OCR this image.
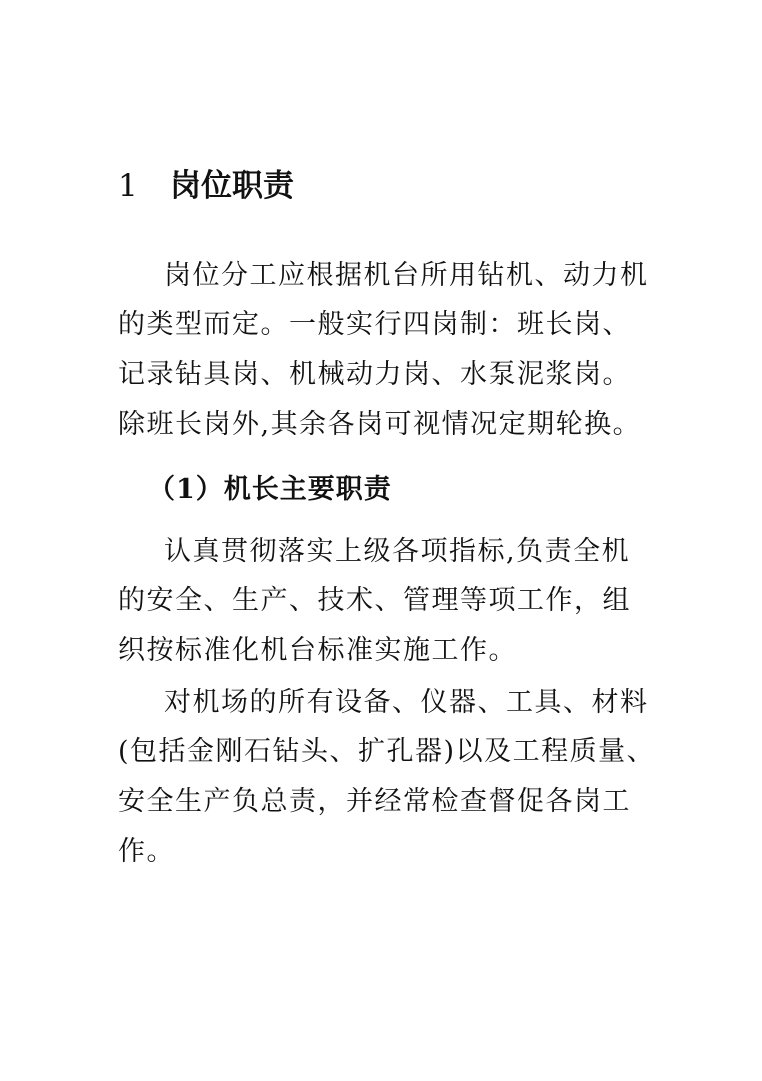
1 岗位职责
岗位分工应根据机台所用钻机、动力机
的类型而定。一般实行四岗制：班长岗、
记录钻具岗、机械动力岗、水泵泥浆岗。
除班长岗外,其余各岗可视情况定期轮换。
（1）机长主要职责
认真贯彻落实上级各项指标,负责全机
的安全、生产、技术、管理等项工作，组
织按标准化机台标准实施工作。
对机场的所有设备、仪器、工具、材料
(包括金刚石钻头、扩孔器)以及工程质量、
安全生产负总责，并经常检查督促各岗工
作。
